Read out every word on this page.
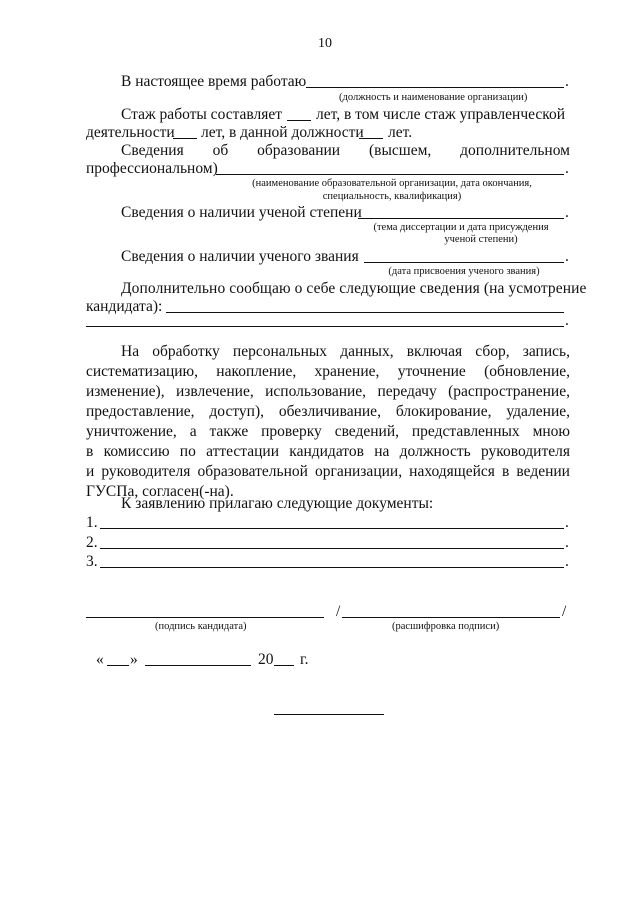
10
В настоящее время работаю	.
(должность и наименование организации)
Стаж работы составляет лет, в том числе стаж управленческой
деятельности лет, в данной должности лет.
Сведения об образовании (высшем, дополнительном
профессиональном)	.
(наименование образовательной организации, дата окончания,
специальность, квалификация)
Сведения о наличии ученой степени	.
(тема диссертации и дата присуждения
ученой степени)
Сведения о наличии ученого звания	.
(дата присвоения ученого звания)
Дополнительно сообщаю о себе следующие сведения (на усмотрение
кандидата):
.
На обработку персональных данных, включая сбор, запись,
систематизацию, накопление, хранение, уточнение (обновление,
изменение), извлечение, использование, передачу (распространение,
предоставление, доступ), обезличивание, блокирование, удаление,
уничтожение, а также проверку сведений, представленных мною
в комиссию по аттестации кандидатов на должность руководителя
и руководителя образовательной организации, находящейся в ведении
ГУСПа, согласен(-на).
К заявлению прилагаю следующие документы:
1.	.
2.	.
3.	.
/	/
(подпись кандидата)	(расшифровка подписи)
« »	20 г.
